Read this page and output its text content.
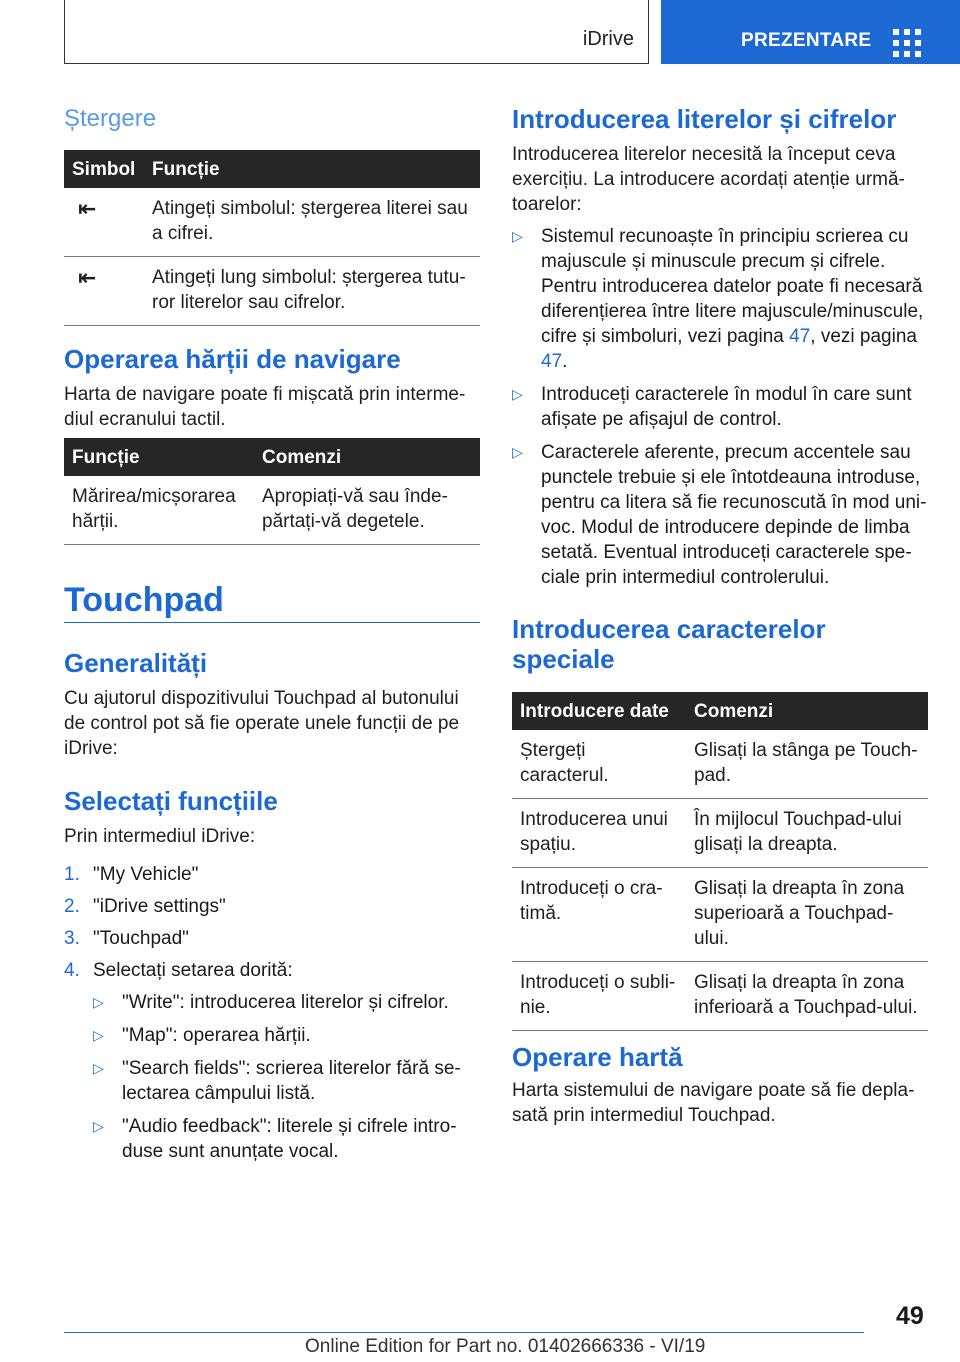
iDrive	PREZENTARE
Ștergere
Simbol	Funcție
⇤	Atingeți simbolul: ștergerea literei sau a cifrei.
⇤	Atingeți lung simbolul: ștergerea tuturor literelor sau cifrelor.
Operarea hărții de navigare

Harta de navigare poate fi mișcată prin intermediul ecranului tactil.

Funcție	Comenzi
Mărirea/micșorarea hărții.	Apropiați-vă sau îndepărtați-vă degetele.
Touchpad
Generalități

Cu ajutorul dispozitivului Touchpad al butonului de control pot să fie operate unele funcții de pe iDrive:

Selectați funcțiile

Prin intermediul iDrive:

1. "My Vehicle"
2. "iDrive settings"
3. "Touchpad"
4. Selectați setarea dorită:
▷ "Write": introducerea literelor și cifrelor.
▷ "Map": operarea hărții.
▷ "Search fields": scrierea literelor fără selectarea câmpului listă.
▷ "Audio feedback": literele și cifrele introduse sunt anunțate vocal.
Introducerea literelor și cifrelor

Introducerea literelor necesită la început ceva exercițiu. La introducere acordați atenție următoarelor:

▷ Sistemul recunoaște în principiu scrierea cu majuscule și minuscule precum și cifrele. Pentru introducerea datelor poate fi necesară diferențierea între litere majuscule/minuscule, cifre și simboluri, vezi pagina 47, vezi pagina 47.
▷ Introduceți caracterele în modul în care sunt afișate pe afișajul de control.
▷ Caracterele aferente, precum accentele sau punctele trebuie și ele întotdeauna introduse, pentru ca litera să fie recunoscută în mod univoc. Modul de introducere depinde de limba setată. Eventual introduceți caracterele speciale prin intermediul controlerului.
Introducerea caracterelor speciale
Introducere date	Comenzi
Ștergeți caracterul.	Glisați la stânga pe Touchpad.
Introducerea unui spațiu.	În mijlocul Touchpad-ului glisați la dreapta.
Introduceți o cratimă.	Glisați la dreapta în zona superioară a Touchpad-ului.
Introduceți o sublinie.	Glisați la dreapta în zona inferioară a Touchpad-ului.
Operare hartă

Harta sistemului de navigare poate să fie deplasată prin intermediul Touchpad.

49
Online Edition for Part no. 01402666336 - VI/19
